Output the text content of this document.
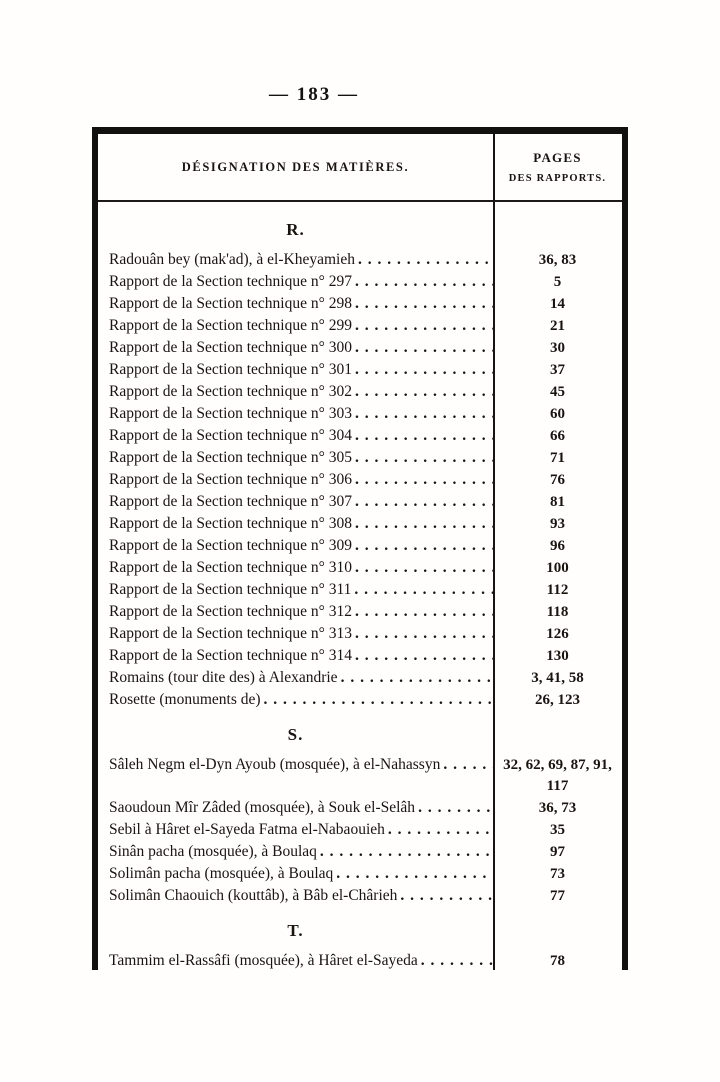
— 183 —
DÉSIGNATION DES MATIÈRES.
PAGES
DES RAPPORTS.
R.
Radouân bey (mak'ad), à el-Kheyamieh . . .	36, 83
Rapport de la Section technique n° 297 . . .	5
Rapport de la Section technique n° 298 . . .	14
Rapport de la Section technique n° 299 . . .	21
Rapport de la Section technique n° 300 . . .	30
Rapport de la Section technique n° 301 . . .	37
Rapport de la Section technique n° 302 . . .	45
Rapport de la Section technique n° 303 . . .	60
Rapport de la Section technique n° 304 . . .	66
Rapport de la Section technique n° 305 . . .	71
Rapport de la Section technique n° 306 . . .	76
Rapport de la Section technique n° 307 . . .	81
Rapport de la Section technique n° 308 . . .	93
Rapport de la Section technique n° 309 . . .	96
Rapport de la Section technique n° 310 . . .	100
Rapport de la Section technique n° 311 . . .	112
Rapport de la Section technique n° 312 . . .	118
Rapport de la Section technique n° 313 . . .	126
Rapport de la Section technique n° 314 . . .	130
Romains (tour dite des) à Alexandrie . . .	3, 41, 58
Rosette (monuments de) . . .	26, 123
S.
Sâleh Negm el-Dyn Ayoub (mosquée), à el-Nahassyn . . .	32, 62, 69, 87, 91, 117
Saoudoun Mîr Zâded (mosquée), à Souk el-Selâh . . .	36, 73
Sebil à Hâret el-Sayeda Fatma el-Nabaouieh . . .	35
Sinân pacha (mosquée), à Boulaq . . .	97
Solimân pacha (mosquée), à Boulaq . . .	73
Solimân Chaouich (kouttâb), à Bâb el-Chârieh . . .	77
T.
Tammim el-Rassâfi (mosquée), à Hâret el-Sayeda . . .	78
